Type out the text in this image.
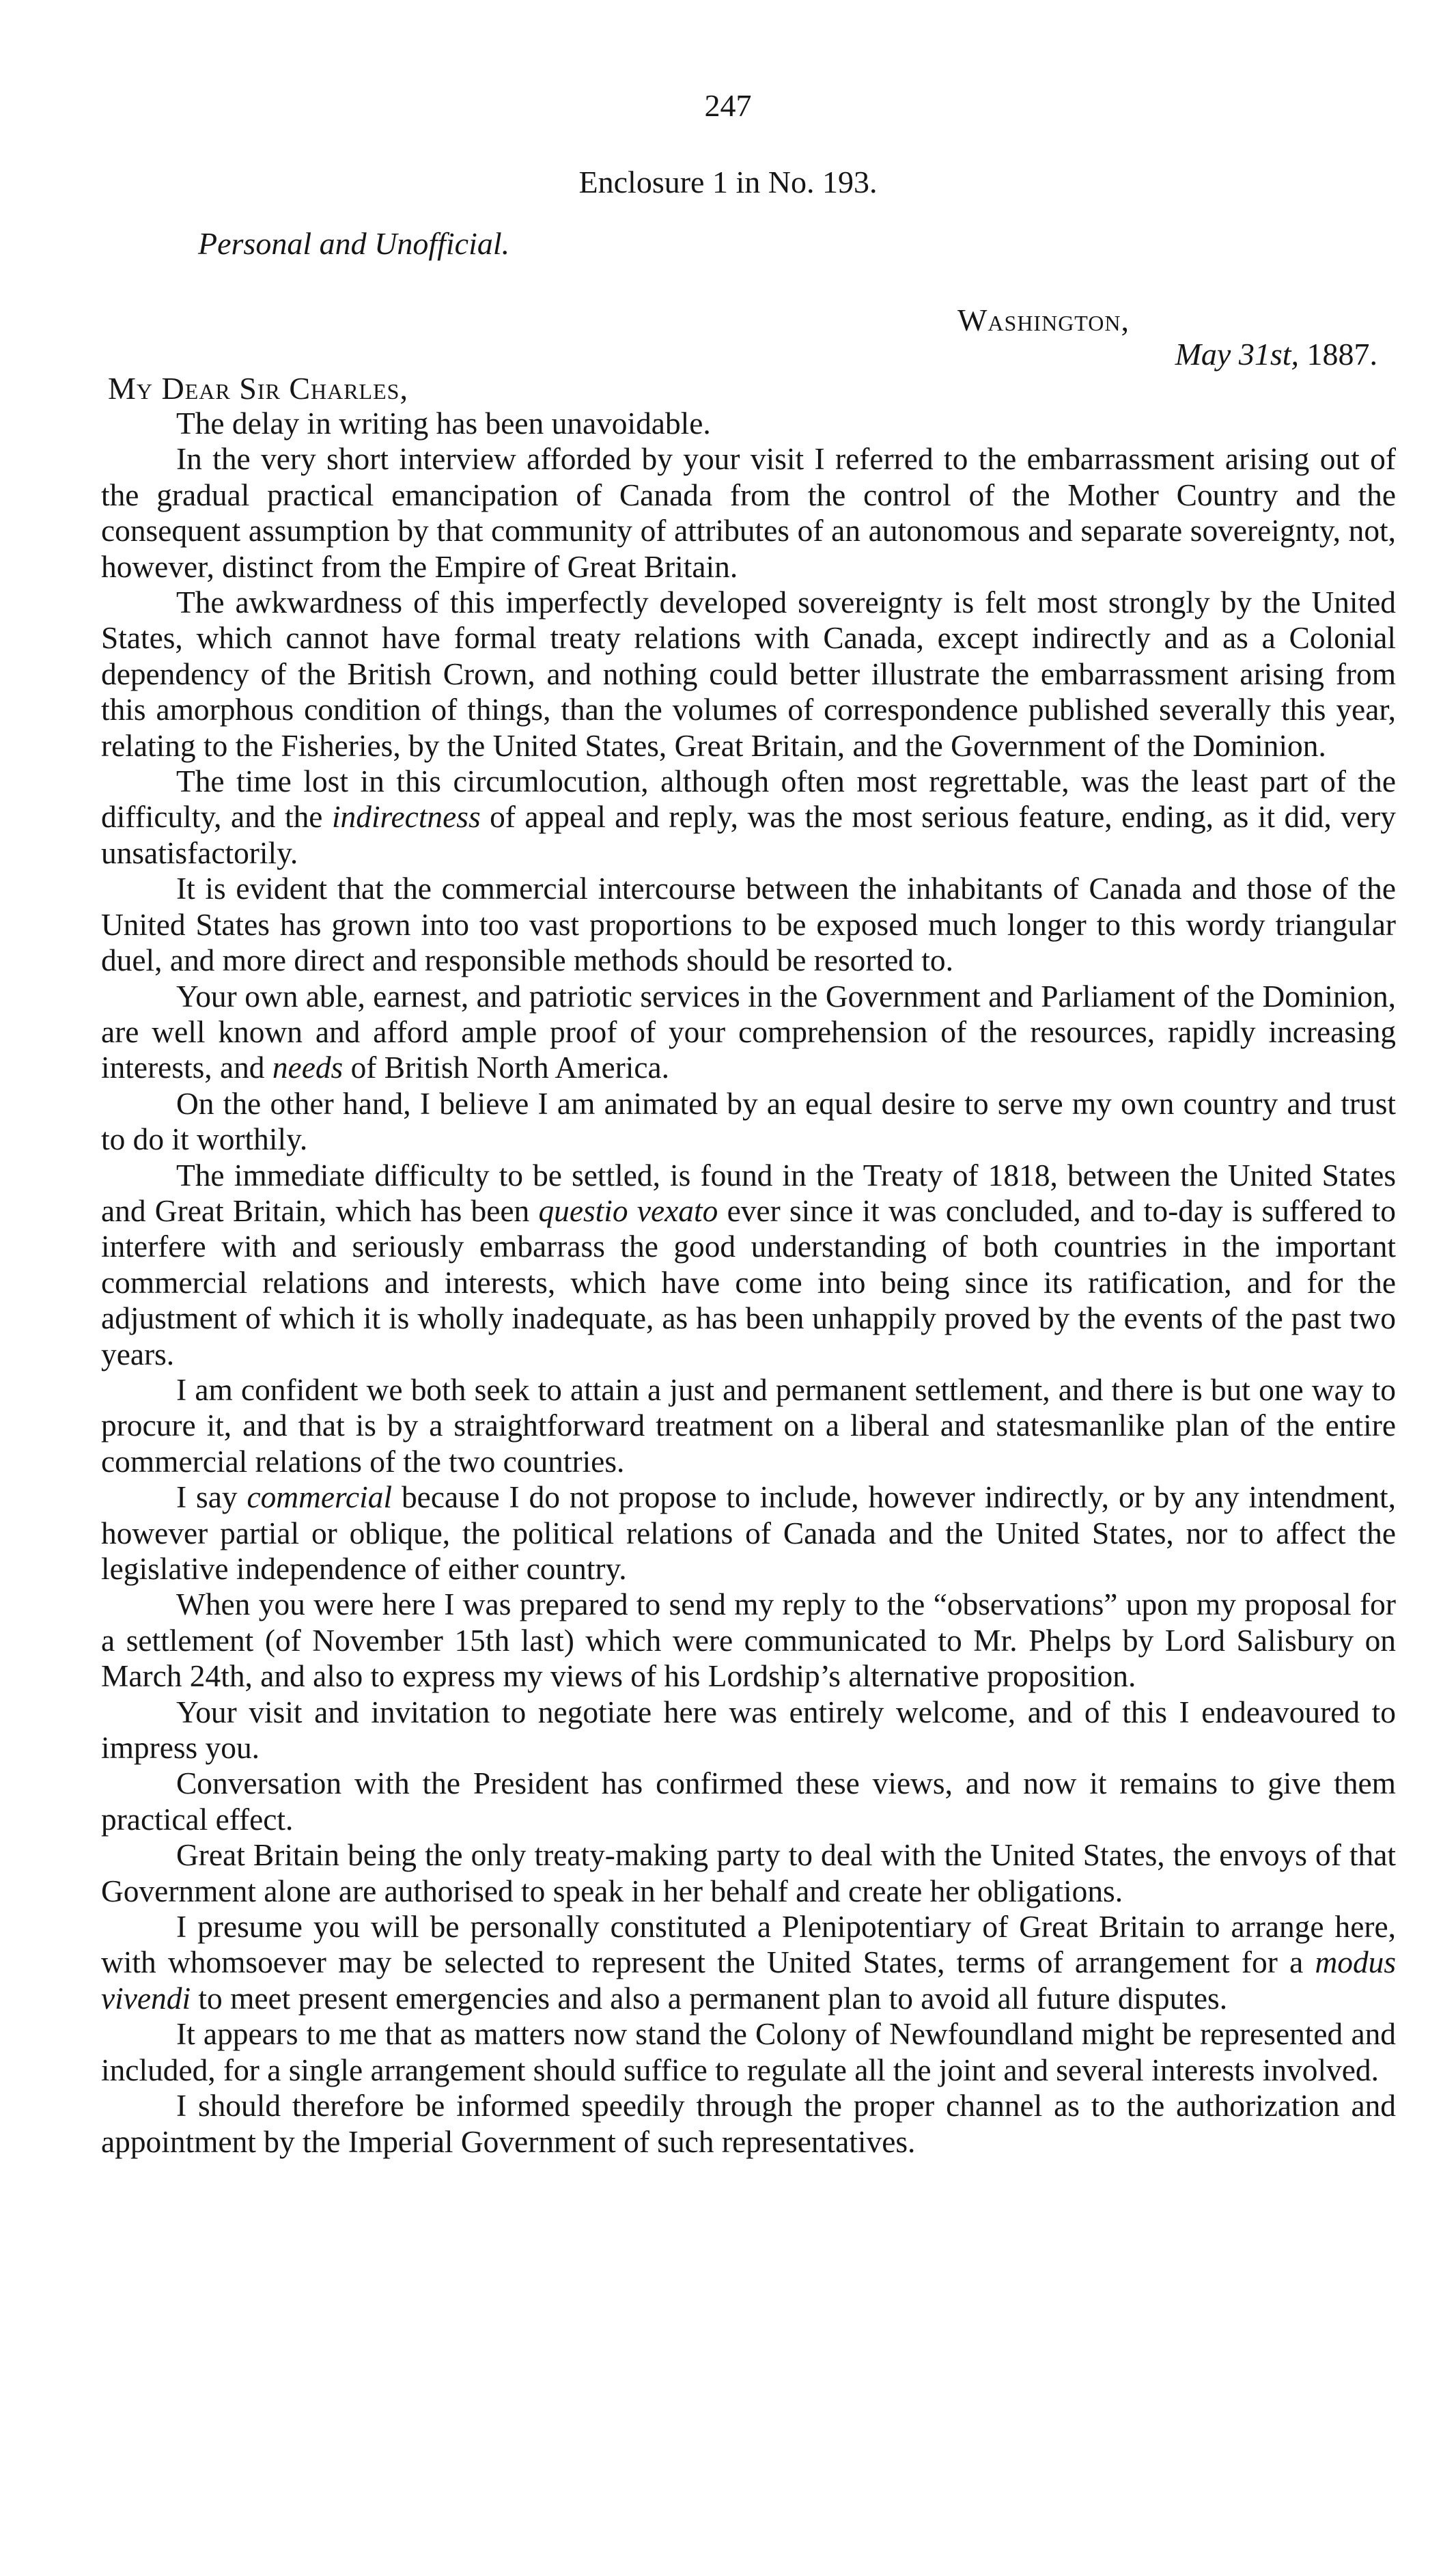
247
Enclosure 1 in No. 193.
Personal and Unofficial.
Washington,
May 31st, 1887.
My Dear Sir Charles,

The delay in writing has been unavoidable.

In the very short interview afforded by your visit I referred to the embarrassment arising out of the gradual practical emancipation of Canada from the control of the Mother Country and the consequent assumption by that community of attributes of an autonomous and separate sovereignty, not, however, distinct from the Empire of Great Britain.

The awkwardness of this imperfectly developed sovereignty is felt most strongly by the United States, which cannot have formal treaty relations with Canada, except indirectly and as a Colonial dependency of the British Crown, and nothing could better illustrate the embarrassment arising from this amorphous condition of things, than the volumes of correspondence published severally this year, relating to the Fisheries, by the United States, Great Britain, and the Government of the Dominion.

The time lost in this circumlocution, although often most regrettable, was the least part of the difficulty, and the indirectness of appeal and reply, was the most serious feature, ending, as it did, very unsatisfactorily.

It is evident that the commercial intercourse between the inhabitants of Canada and those of the United States has grown into too vast proportions to be exposed much longer to this wordy triangular duel, and more direct and responsible methods should be resorted to.

Your own able, earnest, and patriotic services in the Government and Parliament of the Dominion, are well known and afford ample proof of your comprehension of the resources, rapidly increasing interests, and needs of British North America.

On the other hand, I believe I am animated by an equal desire to serve my own country and trust to do it worthily.

The immediate difficulty to be settled, is found in the Treaty of 1818, between the United States and Great Britain, which has been questio vexato ever since it was concluded, and to-day is suffered to interfere with and seriously embarrass the good understanding of both countries in the important commercial relations and interests, which have come into being since its ratification, and for the adjustment of which it is wholly inadequate, as has been unhappily proved by the events of the past two years.

I am confident we both seek to attain a just and permanent settlement, and there is but one way to procure it, and that is by a straightforward treatment on a liberal and statesmanlike plan of the entire commercial relations of the two countries.

I say commercial because I do not propose to include, however indirectly, or by any intendment, however partial or oblique, the political relations of Canada and the United States, nor to affect the legislative independence of either country.

When you were here I was prepared to send my reply to the “observations” upon my proposal for a settlement (of November 15th last) which were communicated to Mr. Phelps by Lord Salisbury on March 24th, and also to express my views of his Lordship’s alternative proposition.

Your visit and invitation to negotiate here was entirely welcome, and of this I endeavoured to impress you.

Conversation with the President has confirmed these views, and now it remains to give them practical effect.

Great Britain being the only treaty-making party to deal with the United States, the envoys of that Government alone are authorised to speak in her behalf and create her obligations.

I presume you will be personally constituted a Plenipotentiary of Great Britain to arrange here, with whomsoever may be selected to represent the United States, terms of arrangement for a modus vivendi to meet present emergencies and also a permanent plan to avoid all future disputes.

It appears to me that as matters now stand the Colony of Newfoundland might be represented and included, for a single arrangement should suffice to regulate all the joint and several interests involved.

I should therefore be informed speedily through the proper channel as to the authorization and appointment by the Imperial Government of such representatives.
